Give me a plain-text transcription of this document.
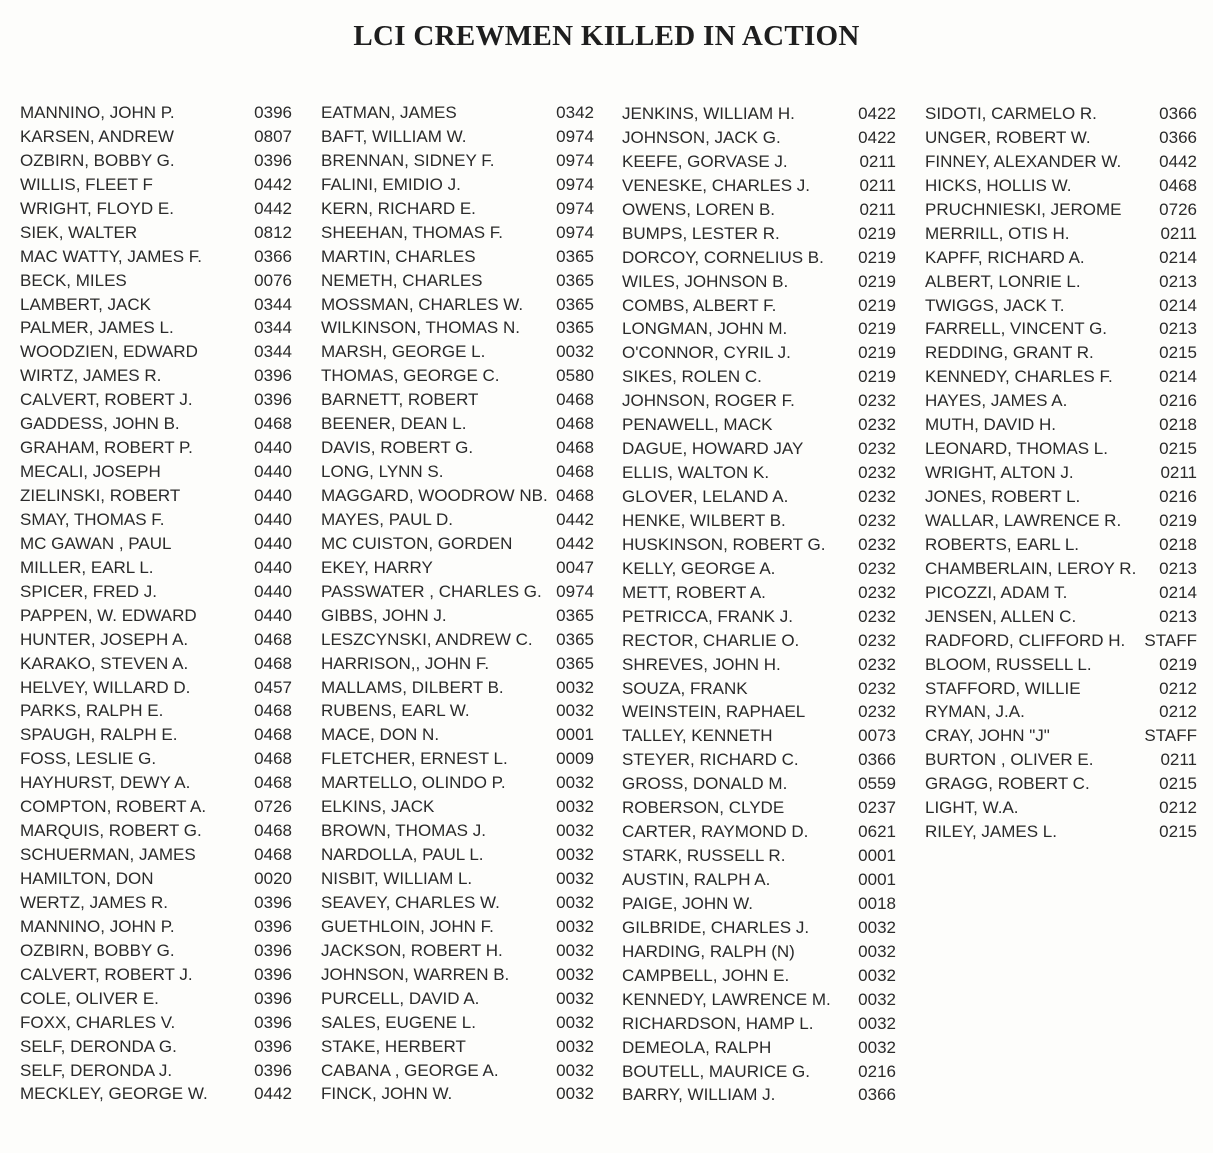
LCI CREWMEN KILLED IN ACTION
MANNINO, JOHN P.	0396
KARSEN, ANDREW	0807
OZBIRN, BOBBY G.	0396
WILLIS, FLEET F	0442
WRIGHT, FLOYD E.	0442
SIEK, WALTER	0812
MAC WATTY, JAMES F.	0366
BECK, MILES	0076
LAMBERT, JACK	0344
PALMER, JAMES L.	0344
WOODZIEN, EDWARD	0344
WIRTZ, JAMES R.	0396
CALVERT, ROBERT J.	0396
GADDESS, JOHN B.	0468
GRAHAM, ROBERT P.	0440
MECALI, JOSEPH	0440
ZIELINSKI, ROBERT	0440
SMAY, THOMAS F.	0440
MC GAWAN , PAUL	0440
MILLER, EARL L.	0440
SPICER, FRED J.	0440
PAPPEN, W. EDWARD	0440
HUNTER, JOSEPH A.	0468
KARAKO, STEVEN A.	0468
HELVEY, WILLARD D.	0457
PARKS, RALPH E.	0468
SPAUGH, RALPH E.	0468
FOSS, LESLIE G.	0468
HAYHURST, DEWY A.	0468
COMPTON, ROBERT A.	0726
MARQUIS, ROBERT G.	0468
SCHUERMAN, JAMES	0468
HAMILTON, DON	0020
WERTZ, JAMES R.	0396
MANNINO, JOHN P.	0396
OZBIRN, BOBBY G.	0396
CALVERT, ROBERT J.	0396
COLE, OLIVER E.	0396
FOXX, CHARLES V.	0396
SELF, DERONDA G.	0396
SELF, DERONDA J.	0396
MECKLEY, GEORGE W.	0442
EATMAN, JAMES	0342
BAFT, WILLIAM W.	0974
BRENNAN, SIDNEY F.	0974
FALINI, EMIDIO J.	0974
KERN, RICHARD E.	0974
SHEEHAN, THOMAS F.	0974
MARTIN, CHARLES	0365
NEMETH, CHARLES	0365
MOSSMAN, CHARLES W. 0365
WILKINSON, THOMAS N. 0365
MARSH, GEORGE L.	0032
THOMAS, GEORGE C.	0580
BARNETT, ROBERT	0468
BEENER, DEAN L.	0468
DAVIS, ROBERT G.	0468
LONG, LYNN S.	0468
MAGGARD, WOODROW NB. 0468
MAYES, PAUL D.	0442
MC CUISTON, GORDEN	0442
EKEY, HARRY	0047
PASSWATER , CHARLES G. 0974
GIBBS, JOHN J.	0365
LESZCYNSKI, ANDREW C. 0365
HARRISON,, JOHN F.	0365
MALLAMS, DILBERT B.	0032
RUBENS, EARL W.	0032
MACE, DON N.	0001
FLETCHER, ERNEST L.	0009
MARTELLO, OLINDO P.	0032
ELKINS, JACK	0032
BROWN, THOMAS J.	0032
NARDOLLA, PAUL L.	0032
NISBIT, WILLIAM L.	0032
SEAVEY, CHARLES W.	0032
GUETHLOIN, JOHN F.	0032
JACKSON, ROBERT H.	0032
JOHNSON, WARREN B.	0032
PURCELL, DAVID A.	0032
SALES, EUGENE L.	0032
STAKE, HERBERT	0032
CABANA , GEORGE A.	0032
FINCK, JOHN W.	0032
JENKINS, WILLIAM H.	0422
JOHNSON, JACK G.	0422
KEEFE, GORVASE J.	0211
VENESKE, CHARLES J.	0211
OWENS, LOREN B.	0211
BUMPS, LESTER R.	0219
DORCOY, CORNELIUS B. 0219
WILES, JOHNSON B.	0219
COMBS, ALBERT F.	0219
LONGMAN, JOHN M.	0219
O'CONNOR, CYRIL J.	0219
SIKES, ROLEN C.	0219
JOHNSON, ROGER F.	0232
PENAWELL, MACK	0232
DAGUE, HOWARD JAY	0232
ELLIS, WALTON K.	0232
GLOVER, LELAND A.	0232
HENKE, WILBERT B.	0232
HUSKINSON, ROBERT G. 0232
KELLY, GEORGE A.	0232
METT, ROBERT A.	0232
PETRICCA, FRANK J.	0232
RECTOR, CHARLIE O.	0232
SHREVES, JOHN H.	0232
SOUZA, FRANK	0232
WEINSTEIN, RAPHAEL	0232
TALLEY, KENNETH	0073
STEYER, RICHARD C.	0366
GROSS, DONALD M.	0559
ROBERSON, CLYDE	0237
CARTER, RAYMOND D.	0621
STARK, RUSSELL R.	0001
AUSTIN, RALPH A.	0001
PAIGE, JOHN W.	0018
GILBRIDE, CHARLES J.	0032
HARDING, RALPH (N)	0032
CAMPBELL, JOHN E.	0032
KENNEDY, LAWRENCE M. 0032
RICHARDSON, HAMP L.	0032
DEMEOLA, RALPH	0032
BOUTELL, MAURICE G.	0216
BARRY, WILLIAM J.	0366
SIDOTI, CARMELO R.	0366
UNGER, ROBERT W.	0366
FINNEY, ALEXANDER W. 0442
HICKS, HOLLIS W.	0468
PRUCHNIESKI, JEROME 0726
MERRILL, OTIS H.	0211
KAPFF, RICHARD A.	0214
ALBERT, LONRIE L.	0213
TWIGGS, JACK T.	0214
FARRELL, VINCENT G.	0213
REDDING, GRANT R.	0215
KENNEDY, CHARLES F.	0214
HAYES, JAMES A.	0216
MUTH, DAVID H.	0218
LEONARD, THOMAS L.	0215
WRIGHT, ALTON J.	0211
JONES, ROBERT L.	0216
WALLAR, LAWRENCE R. 0219
ROBERTS, EARL L.	0218
CHAMBERLAIN, LEROY R. 0213
PICOZZI, ADAM T.	0214
JENSEN, ALLEN C.	0213
RADFORD, CLIFFORD H. STAFF
BLOOM, RUSSELL L.	0219
STAFFORD, WILLIE	0212
RYMAN, J.A.	0212
CRAY, JOHN "J"	STAFF
BURTON , OLIVER E.	0211
GRAGG, ROBERT C.	0215
LIGHT, W.A.	0212
RILEY, JAMES L.	0215
